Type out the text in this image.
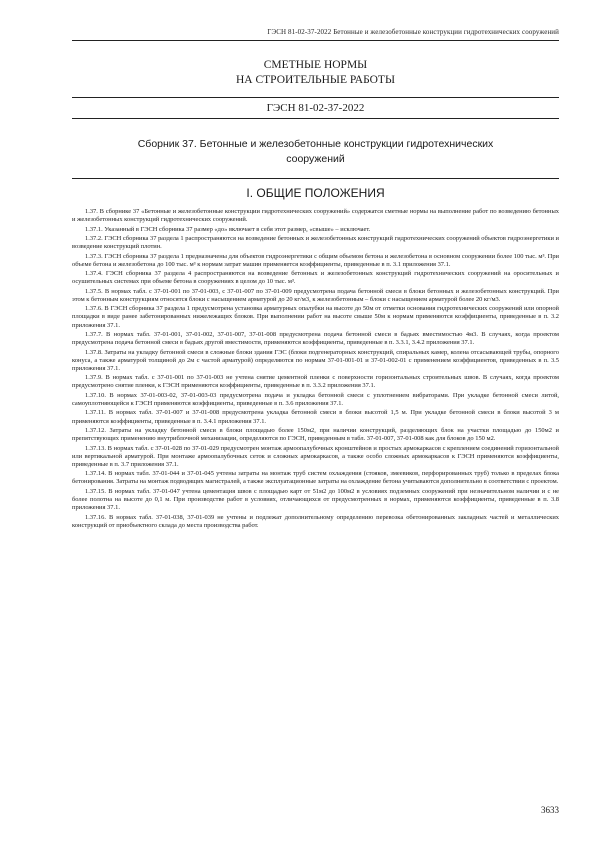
ГЭСН 81-02-37-2022 Бетонные и железобетонные конструкции гидротехнических сооружений
СМЕТНЫЕ НОРМЫ
НА СТРОИТЕЛЬНЫЕ РАБОТЫ
ГЭСН 81-02-37-2022
Сборник 37. Бетонные и железобетонные конструкции гидротехнических
сооружений
I. ОБЩИЕ ПОЛОЖЕНИЯ

1.37. В сборнике 37 «Бетонные и железобетонные конструкции гидротехнических сооружений» содержатся сметные нормы на выполнение работ по возведению бетонных и железобетонных конструкций гидротехнических сооружений.

1.37.1. Указанный в ГЭСН сборника 37 размер «до» включает в себя этот размер, «свыше» – исключает.

1.37.2. ГЭСН сборника 37 раздела 1 распространяются на возведение бетонных и железобетонных конструкций гидротехнических сооружений объектов гидроэнергетики и возведение конструкций плотин.

1.37.3. ГЭСН сборника 37 раздела 1 предназначены для объектов гидроэнергетики с общим объемом бетона и железобетона в основном сооружении более 100 тыс. м³. При объеме бетона и железобетона до 100 тыс. м³ к нормам затрат машин применяется коэффициенты, приведенные в п. 3.1 приложения 37.1.

1.37.4. ГЭСН сборника 37 раздела 4 распространяются на возведение бетонных и железобетонных конструкций гидротехнических сооружений на оросительных и осушительных системах при объеме бетона в сооружениях в целом до 10 тыс. м³.

1.37.5. В нормах табл. с 37-01-001 по 37-01-003, с 37-01-007 по 37-01-009 предусмотрена подача бетонной смеси в блоки бетонных и железобетонных конструкций. При этом к бетонным конструкциям относятся блоки с насыщением арматурой до 20 кг/м3, к железобетонным – блоки с насыщением арматурой более 20 кг/м3.

1.37.6. В ГЭСН сборника 37 раздела 1 предусмотрена установка арматурных опалубки на высоте до 50м от отметки основания гидротехнических сооружений или опорной площадки в виде ранее забетонированных нижележащих блоков. При выполнении работ на высоте свыше 50м к нормам применяются коэффициенты, приведенные в п. 3.2 приложения 37.1.

1.37.7. В нормах табл. 37-01-001, 37-01-002, 37-01-007, 37-01-008 предусмотрена подача бетонной смеси в бадьях вместимостью 4м3. В случаях, когда проектом предусмотрена подача бетонной смеси в бадьях другой вместимости, применяются коэффициенты, приведенные в п. 3.3.1, 3.4.2 приложения 37.1.

1.37.8. Затраты на укладку бетонной смеси в сложные блоки здания ГЭС (блоки подгенераторных конструкций, спиральных камер, колена отсасывающей трубы, опорного конуса, а также арматурой толщиной до 2м с частой арматурой) определяются по нормам 37-01-001-01 и 37-01-002-01 с применением коэффициентов, приведенных в п. 3.5 приложения 37.1.

1.37.9. В нормах табл. с 37-01-001 по 37-01-003 не учтена снятие цементной пленки с поверхности горизонтальных строительных швов. В случаях, когда проектом предусмотрено снятие пленки, к ГЭСН применяются коэффициенты, приведенные в п. 3.3.2 приложения 37.1.

1.37.10. В нормах 37-01-003-02, 37-01-003-03 предусмотрена подача и укладка бетонной смеси с уплотнением вибраторами. При укладке бетонной смеси литой, самоуплотняющейся к ГЭСН применяются коэффициенты, приведенные в п. 3.6 приложения 37.1.

1.37.11. В нормах табл. 37-01-007 и 37-01-008 предусмотрена укладка бетонной смеси в блоки высотой 1,5 м. При укладке бетонной смеси в блоки высотой 3 м применяются коэффициенты, приведенные в п. 3.4.1 приложения 37.1.

1.37.12. Затраты на укладку бетонной смеси в блоки площадью более 150м2, при наличии конструкций, разделяющих блок на участки площадью до 150м2 и препятствующих применению внутриблочной механизации, определяются по ГЭСН, приведенным в табл. 37-01-007, 37-01-008 как для блоков до 150 м2.

1.37.13. В нормах табл. с 37-01-028 по 37-01-029 предусмотрен монтаж армоопалубочных кронштейнов и простых армокаркасов с креплением соединений горизонтальной или вертикальной арматурой. При монтаже армоопалубочных сеток и сложных армокаркасов, а также особо сложных армокаркасов к ГЭСН применяются коэффициенты, приведенные в п. 3.7 приложения 37.1.

1.37.14. В нормах табл. 37-01-044 и 37-01-045 учтены затраты на монтаж труб систем охлаждения (стояков, змеевиков, перфорированных труб) только в пределах блока бетонирования. Затраты на монтаж подводящих магистралей, а также эксплуатационные затраты на охлаждение бетона учитываются дополнительно в соответствии с проектом.

1.37.15. В нормах табл. 37-01-047 учтена цементация швов с площадью карт от 51м2 до 100м2 в условиях подземных сооружений при незначительном наличии и с не более полотна на высоте до 0,1 м. При производстве работ в условиях, отличающихся от предусмотренных в нормах, применяются коэффициенты, приведенные в п. 3.8 приложения 37.1.

1.37.16. В нормах табл. 37-01-038, 37-01-039 не учтены и подлежат дополнительному определению перевозка обетонированных закладных частей и металлических конструкций от приобъектного склада до места производства работ.

3633
